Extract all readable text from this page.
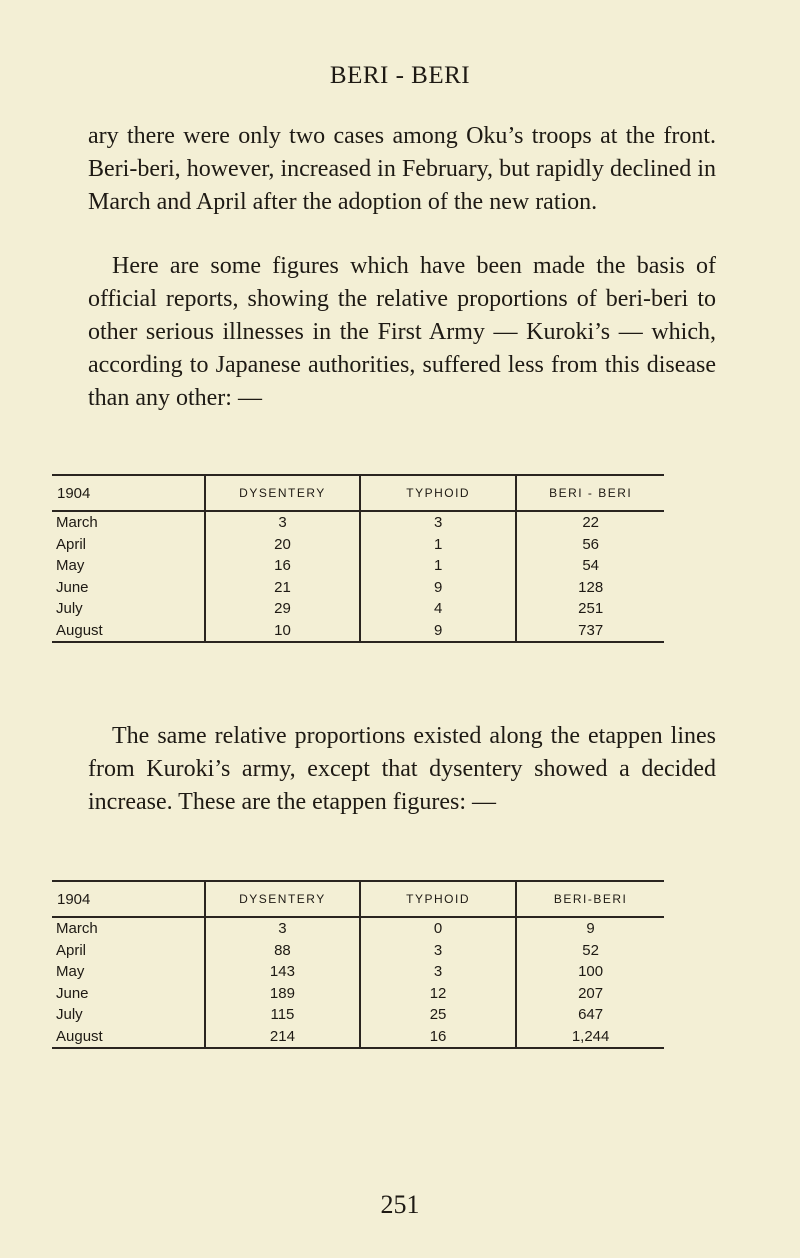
BERI - BERI

ary there were only two cases among Oku’s troops at the front. Beri-beri, however, increased in February, but rapidly declined in March and April after the adoption of the new ration.

Here are some figures which have been made the basis of official reports, showing the relative proportions of beri-beri to other serious illnesses in the First Army — Kuroki’s — which, according to Japanese authorities, suffered less from this disease than any other: —

1904	DYSENTERY	TYPHOID	BERI - BERI
March	3	3	22
April	20	1	56
May	16	1	54
June	21	9	128
July	29	4	251
August	10	9	737

The same relative proportions existed along the etappen lines from Kuroki’s army, except that dysentery showed a decided increase. These are the etappen figures: —

1904	DYSENTERY	TYPHOID	BERI-BERI
March	3	0	9
April	88	3	52
May	143	3	100
June	189	12	207
July	115	25	647
August	214	16	1,244
251
